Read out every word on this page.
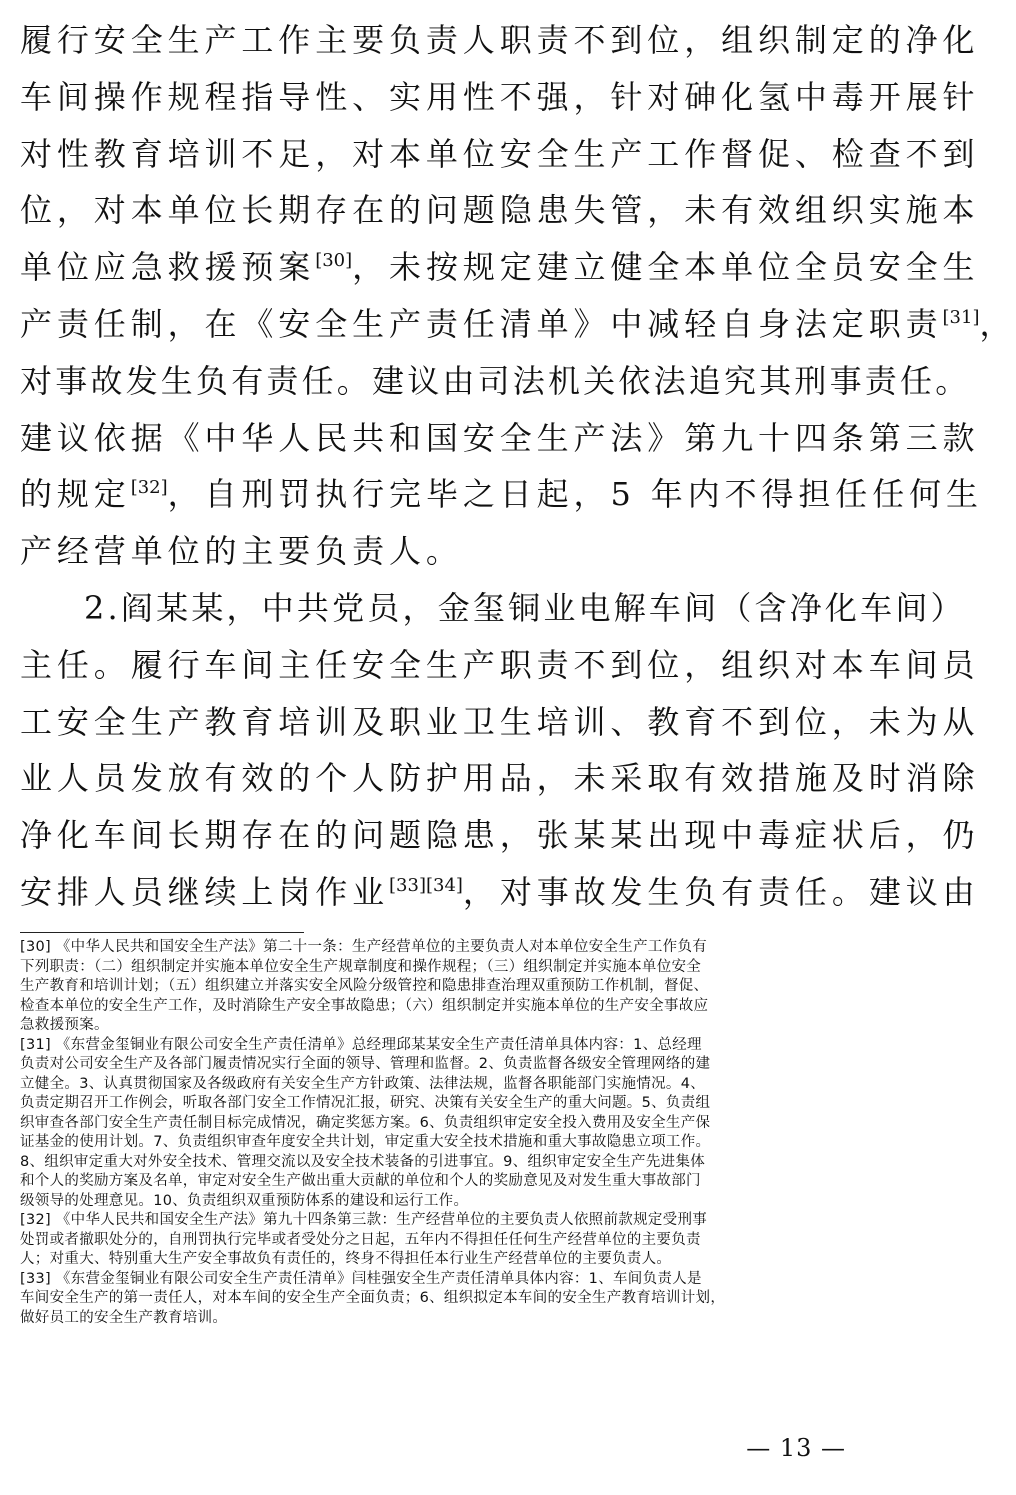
履行安全生产工作主要负责人职责不到位，组织制定的净化
车间操作规程指导性、实用性不强，针对砷化氢中毒开展针
对性教育培训不足，对本单位安全生产工作督促、检查不到
位，对本单位长期存在的问题隐患失管，未有效组织实施本
单位应急救援预案[30]，未按规定建立健全本单位全员安全生
产责任制，在《安全生产责任清单》中减轻自身法定职责[31]，
对事故发生负有责任。建议由司法机关依法追究其刑事责任。
建议依据《中华人民共和国安全生产法》第九十四条第三款
的规定[32]，自刑罚执行完毕之日起，5 年内不得担任任何生
产经营单位的主要负责人。
2.阎某某，中共党员，金玺铜业电解车间（含净化车间）
主任。履行车间主任安全生产职责不到位，组织对本车间员
工安全生产教育培训及职业卫生培训、教育不到位，未为从
业人员发放有效的个人防护用品，未采取有效措施及时消除
净化车间长期存在的问题隐患，张某某出现中毒症状后，仍
安排人员继续上岗作业[33][34]，对事故发生负有责任。建议由
[30] 《中华人民共和国安全生产法》第二十一条：生产经营单位的主要负责人对本单位安全生产工作负有
下列职责：（二）组织制定并实施本单位安全生产规章制度和操作规程；（三）组织制定并实施本单位安全
生产教育和培训计划；（五）组织建立并落实安全风险分级管控和隐患排查治理双重预防工作机制，督促、
检查本单位的安全生产工作，及时消除生产安全事故隐患；（六）组织制定并实施本单位的生产安全事故应
急救援预案。
[31] 《东营金玺铜业有限公司安全生产责任清单》总经理邱某某安全生产责任清单具体内容：1、总经理
负责对公司安全生产及各部门履责情况实行全面的领导、管理和监督。2、负责监督各级安全管理网络的建
立健全。3、认真贯彻国家及各级政府有关安全生产方针政策、法律法规，监督各职能部门实施情况。4、
负责定期召开工作例会，听取各部门安全工作情况汇报，研究、决策有关安全生产的重大问题。5、负责组
织审查各部门安全生产责任制目标完成情况，确定奖惩方案。6、负责组织审定安全投入费用及安全生产保
证基金的使用计划。7、负责组织审查年度安全共计划，审定重大安全技术措施和重大事故隐患立项工作。
8、组织审定重大对外安全技术、管理交流以及安全技术装备的引进事宜。9、组织审定安全生产先进集体
和个人的奖励方案及名单，审定对安全生产做出重大贡献的单位和个人的奖励意见及对发生重大事故部门
级领导的处理意见。10、负责组织双重预防体系的建设和运行工作。
[32] 《中华人民共和国安全生产法》第九十四条第三款：生产经营单位的主要负责人依照前款规定受刑事
处罚或者撤职处分的，自刑罚执行完毕或者受处分之日起，五年内不得担任任何生产经营单位的主要负责
人；对重大、特别重大生产安全事故负有责任的，终身不得担任本行业生产经营单位的主要负责人。
[33] 《东营金玺铜业有限公司安全生产责任清单》闫桂强安全生产责任清单具体内容：1、车间负责人是
车间安全生产的第一责任人，对本车间的安全生产全面负责；6、组织拟定本车间的安全生产教育培训计划，
做好员工的安全生产教育培训。
— 13 —
